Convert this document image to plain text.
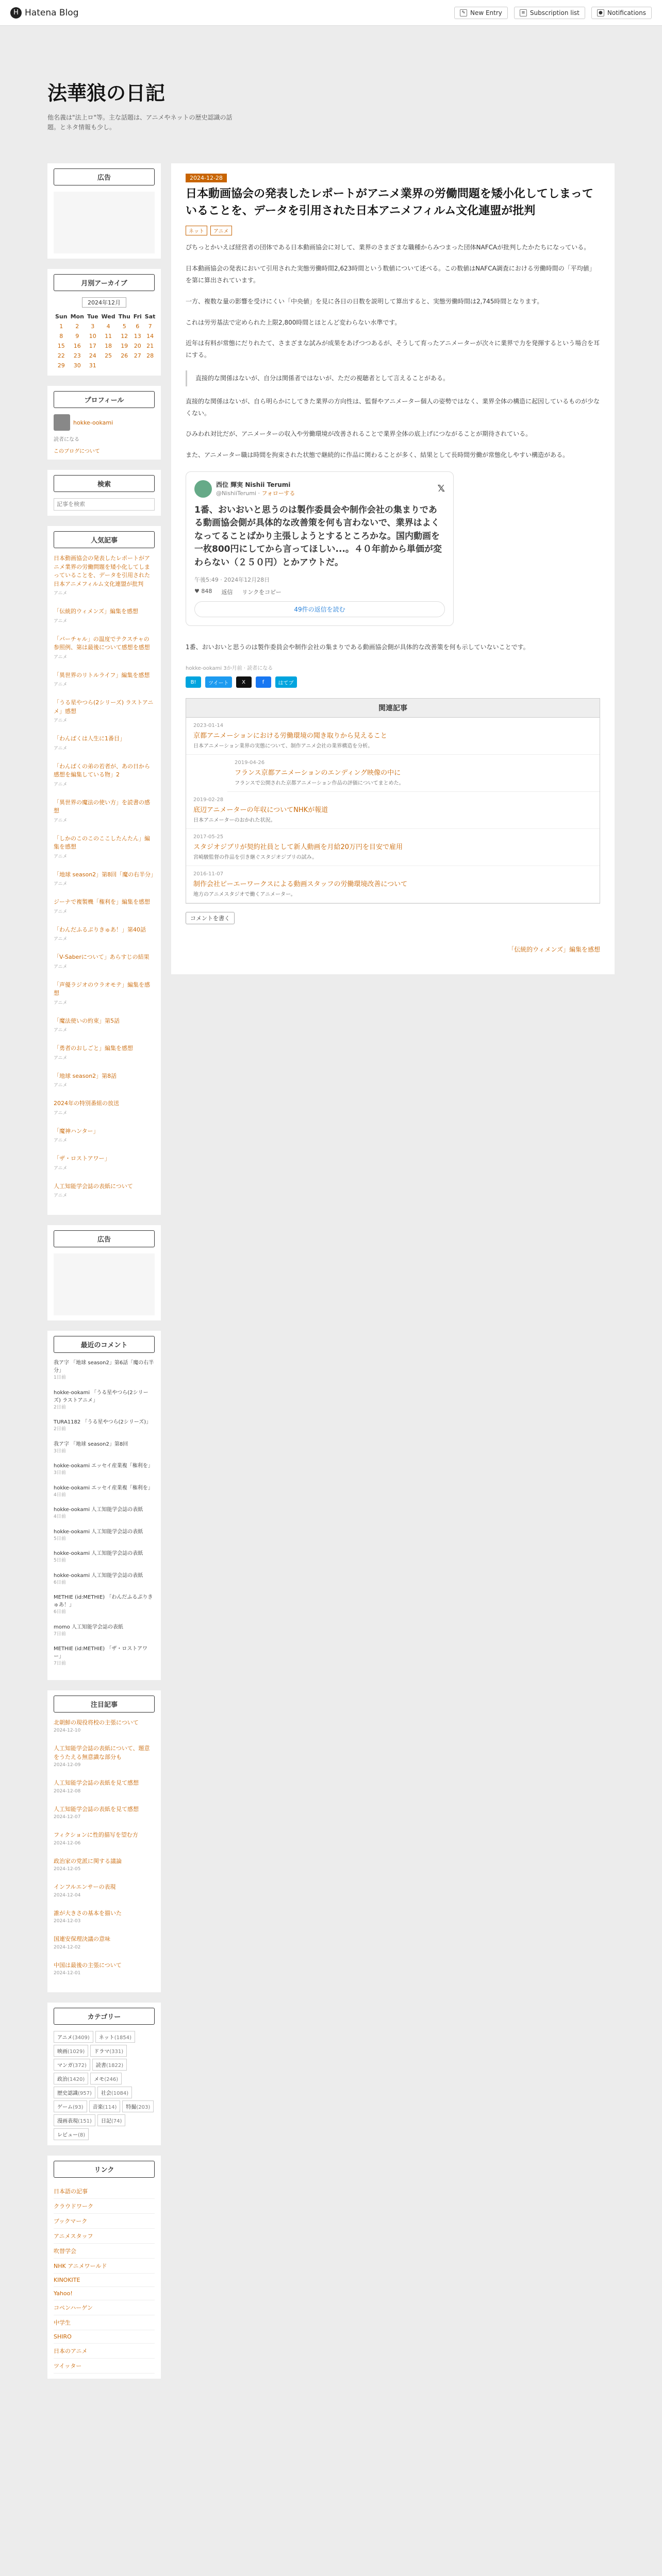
H Hatena Blog	✎ New Entry	≡ Subscription list	● Notifications
法華狼の日記
他名義は"法上ロ"等。主な話題は、アニメやネットの歴史認識の話題。とネタ情報も少し。
広告
月別アーカイブ
2024年12月
Sun	Mon	Tue	Wed	Thu	Fri	Sat
1	2	3	4	5	6	7
8	9	10	11	12	13	14
15	16	17	18	19	20	21
22	23	24	25	26	27	28
29	30	31				
プロフィール
hokke-ookami
読者になる
このブログについて
検索
記事を検索
人気記事
日本動画協会の発表したレポートがアニメ業界の労働問題を矮小化してしまっていることを、データを引用された日本アニメフィルム文化連盟が批判
アニメ
「伝統的ウィメンズ」編集を感想
アニメ
「バーチャル」の温度でテクスチャの参照例、第は最後について感想を感想
アニメ
「異世界のリトルライフ」編集を感想
アニメ
「うる星やつら(2シリーズ) ラストアニメ」感想
アニメ
「わんぱくは人生に1番目」
アニメ
「わんぱくの弟の若者が、あの日から感想を編集している物」2
アニメ
「異世界の魔法の使い方」を読書の感想
アニメ
「しかのこのこのここしたんたん」編集を感想
アニメ
「地球 season2」第8回「魔の右半分」
アニメ
ジーナで複製機「権利を」編集を感想
アニメ
「わんだふるぷりきゅあ！」第40話
アニメ
「V-Saberについて」あらすじの結果
アニメ
「声優ラジオのウラオモテ」編集を感想
アニメ
「魔法使いの約束」第5話
アニメ
「勇者のおしごと」編集を感想
アニメ
「地球 season2」第8話
アニメ
2024年の特別番組の放送
アニメ
「魔神ハンター」
アニメ
「ザ・ロストアワー」
アニメ
人工知能学会誌の表紙について
アニメ
広告
最近のコメント
我ア字 「地球 season2」第6話「魔の右半分」
1日前
hokke-ookami 「うる星やつら(2シリーズ) ラストアニメ」
2日前
TURA1182 「うる星やつら(2シリーズ)」
2日前
我ア字 「地球 season2」第8回
3日前
hokke-ookami エッセイ産業複「権利を」
3日前
hokke-ookami エッセイ産業複「権利を」
4日前
hokke-ookami 人工知能学会誌の表紙
4日前
hokke-ookami 人工知能学会誌の表紙
5日前
hokke-ookami 人工知能学会誌の表紙
5日前
hokke-ookami 人工知能学会誌の表紙
6日前
METHIE (id:METHIE) 「わんだふるぷりきゅあ！」
6日前
momo 人工知能学会誌の表紙
7日前
METHIE (id:METHIE) 「ザ・ロストアワー」
7日前
注目記事
北朝鮮の現役将校の主張について
2024-12-10
人工知能学会誌の表紙について、題意をうたえる無意識な部分も
2024-12-09
人工知能学会誌の表紙を見て感想
2024-12-08
人工知能学会誌の表紙を見て感想
2024-12-07
フィクションに性的描写を望む方
2024-12-06
政治家の党派に関する議論
2024-12-05
インフルエンサーの表現
2024-12-04
誰が大きさの基本を描いた
2024-12-03
国連安保理決議の意味
2024-12-02
中国は最後の主張について
2024-12-01
カテゴリー
アニメ(3409)	ネット(1854)
映画(1029)	ドラマ(331)
マンガ(372)	読書(1822)
政治(1420)	メモ(246)
歴史認識(957)	社会(1084)
ゲーム(93)	音楽(114)	特撮(203)
漫画表現(151)	日記(74)
レビュー(8)
リンク
日本語の記事
クラウドワーク
ブックマーク
アニメスタッフ
吹替学会
NHK アニメワールド
KINOKITE
Yahoo!
コペンハーゲン
中学生
SHIRO
日本のアニメ
ツイッター
2024-12-28
日本動画協会の発表したレポートがアニメ業界の労働問題を矮小化してしまっていることを、データを引用された日本アニメフィルム文化連盟が批判
ネット	アニメ

ぴちっとかいえば経営者の団体である日本動画協会に対して、業界のさまざまな職種からみつまった団体NAFCAが批判したかたちになっている。

日本動画協会の発表において引用された実態労働時間2,623時間という数値について述べる。この数値はNAFCA調査における労働時間の「平均値」を第に算出されています。

一方、複数な量の影響を受けにくい「中央値」を見に各日の日数を説明して算出すると、実態労働時間は2,745時間となります。

これは労労基法で定められた上限2,800時間とほとんど変わらない水準です。

近年は有料が常態にだりれたて、さまざまな試みが成果をあげつつあるが、そうして育ったアニメーターが次々に業界で力を発揮するという場合を耳にする。

直接的な関係はないが、自分は関係者ではないが、ただの視聴者として言えることがある。

直接的な関係はないが、自ら明らかにしてきた業界の方向性は、監督やアニメーター個人の姿勢ではなく、業界全体の構造に起因しているものが少なくない。

ひみわれ対比だが、アニメーターの収入や労働環境が改善されることで業界全体の底上げにつながることが期待されている。

また、アニメーター職は時間を拘束された状態で継続的に作品に関わることが多く、結果として長時間労働が常態化しやすい構造がある。

西位 輝実 Nishii Terumi
@NishiiTerumi · フォローする	𝕏
1番、おいおいと思うのは製作委員会や制作会社の集まりである動画協会側が具体的な改善策を何も言わないで、業界はよくなってることばかり主張しようとするところかな。国内動画を一枚800円にしてから言ってほしい...。４０年前から単価が変わらない（２５０円）とかアウトだ。
午後5:49 · 2024年12月28日
♥ 848 返信 リンクをコピー
49件の返信を読む

1番、おいおいと思うのは製作委員会や制作会社の集まりである動画協会側が具体的な改善策を何も示していないことです。

hokke-ookami 3か月前 · 読者になる
B!	ツイート	X	f	はてブ
関連記事
2023-01-14
京都アニメーションにおける労働環境の聞き取りから見えること
日本アニメーション業界の実態について、制作アニメ会社の業界構造を分析。
2019-04-26
フランス京都アニメーションのエンディング映像の中に
フランスで公開された京都アニメーション作品の評価についてまとめた。
2019-02-28
底辺アニメーターの年収についてNHKが報道
日本アニメーターのおかれた状況。
2017-05-25
スタジオジブリが契約社員として新人動画を月給20万円を目安で雇用
宮崎駿監督の作品を引き継ぐスタジオジブリの試み。
2016-11-07
制作会社ピーエーワークスによる動画スタッフの労働環境改善について
地方のアニメスタジオで働くアニメーター。
コメントを書く
「伝統的ウィメンズ」編集を感想
